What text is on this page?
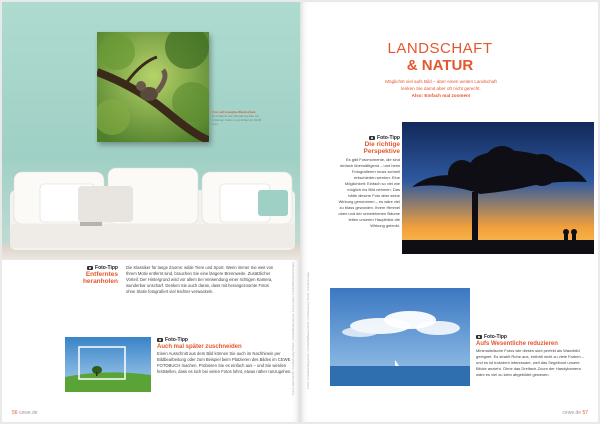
Foto auf brauglas-Wandschale
Hochglänzende Wandfotografie mit brillanten Farben und Effekt ab 49,95 Euro
Foto-Tipp
Entferntes
heranholen
Die Klassiker für lange Zooms: wilde Tiere und Sport. Wenn immer Sie weit von Ihrem Motiv entfernt sind, brauchen Sie eine längere Brennweite. Zusätzlicher Vorteil: Der Hintergrund wird vor allem bei Verwendung einer richtigen Kamera, wunderbar unscharf. Denken Sie auch daran, dass mit herangezoomte Fotos ohne Stativ fotografiert viel leichter verwackeln.
Foto-Tipp
Auch mal später zuschneiden
Einen Ausschnitt aus dem Bild können Sie auch im Nachhinein per Bildbearbeitung oder zum Beispiel beim Platzieren des Bildes im CEWE FOTOBUCH machen. Probieren Sie es einfach aus – und Sie werden feststellen, dass es sich bei vielen Fotos lohnt, etwas näher ranzugehen. Fotos oben/rechts: Fotolia/Lucky.Charm, Fotolia/Klostermann; Fotos unten: Fotolia/Bernhard Schaer
56 cewe.de
LANDSCHAFT
& NATUR
Möglichst viel aufs Bild – aber einen weiten Landschaft
lenken Sie damit aber oft nicht gerecht.
Also: Einfach mal zoomen!
Foto-Tipp
Die richtige
Perspektive
Es gibt Fotomomente, die sind einfach überwältigend – und beim Fotografieren muss schnell entschieden werden: Eine Möglichkeit: Einfach so viel wie möglich ins Bild nehmen. Das hätte diesem Foto aber seine Wirkung genommen – es wäre viel zu blass geworden. Ihrem Himmel oben und der unbelebenen Bäume leiten unseren Hauptblick die Wirkung gelenkt.
Foto-Tipp
Aufs Wesentliche reduzieren
Minimalistische Fotos wie dieses sind perfekt als Wandbild geeignet. Es strahlt Ruhe aus, enthält nicht zu viele Farben – und es ist trotzdem interessant, weil das Segelboot unsere Blicke anzieht. Ohne das Dreifach-Zoom der Handykamera wäre es viel zu klein abgebildet gewesen.
Fotos: Fotolia/drubig-photo, Fotolia/Raffaela Olivier; Fotolia/Jenny Sturm; Fotolia/Trasgo
cewe.de 57
